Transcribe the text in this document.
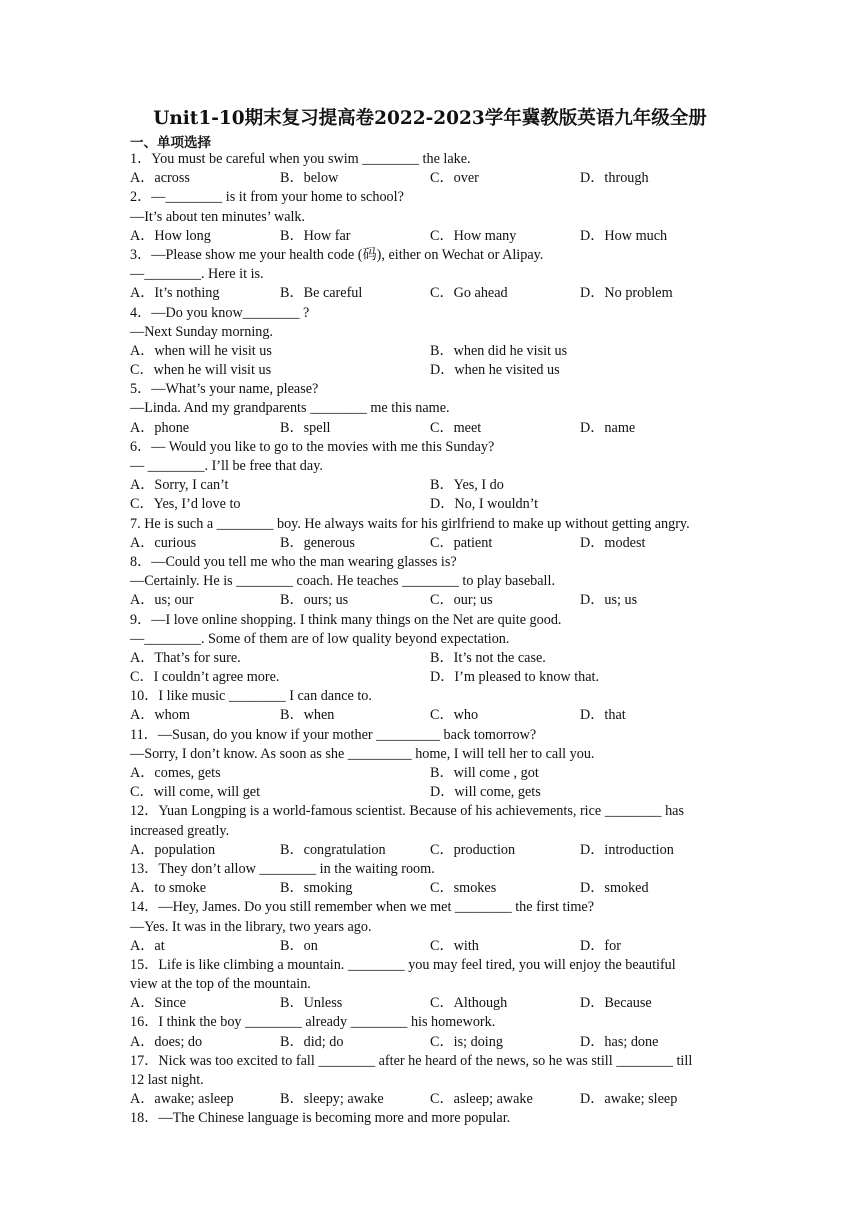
Unit1-10期末复习提高卷2022-2023学年冀教版英语九年级全册
一、单项选择
1．You must be careful when you swim ________ the lake.
A．across	B．below	C．over	D．through
2．—________ is it from your home to school?
—It’s about ten minutes’ walk.
A．How long	B．How far	C．How many	D．How much
3．—Please show me your health code (码), either on Wechat or Alipay.
—________. Here it is.
A．It’s nothing	B．Be careful	C．Go ahead	D．No problem
4．—Do you know________ ?
—Next Sunday morning.
A．when will he visit us	B．when did he visit us
C．when he will visit us	D．when he visited us
5．—What’s your name, please?
—Linda. And my grandparents ________ me this name.
A．phone	B．spell	C．meet	D．name
6．— Would you like to go to the movies with me this Sunday?
— ________. I’ll be free that day.
A．Sorry, I can’t	B．Yes, I do
C．Yes, I’d love to	D．No, I wouldn’t
7. He is such a ________ boy. He always waits for his girlfriend to make up without getting angry.
A．curious	B．generous	C．patient	D．modest
8．—Could you tell me who the man wearing glasses is?
—Certainly. He is ________ coach. He teaches ________ to play baseball.
A．us; our	B．ours; us	C．our; us	D．us; us
9．—I love online shopping. I think many things on the Net are quite good.
—________. Some of them are of low quality beyond expectation.
A．That’s for sure.	B．It’s not the case.
C．I couldn’t agree more.	D．I’m pleased to know that.
10．I like music ________ I can dance to.
A．whom	B．when	C．who	D．that
11．—Susan, do you know if your mother _________ back tomorrow?
—Sorry, I don’t know. As soon as she _________ home, I will tell her to call you.
A．comes, gets	B．will come , got
C．will come, will get	D．will come, gets
12．Yuan Longping is a world-famous scientist. Because of his achievements, rice ________ has
increased greatly.
A．population	B．congratulation	C．production	D．introduction
13．They don’t allow ________ in the waiting room.
A．to smoke	B．smoking	C．smokes	D．smoked
14．—Hey, James. Do you still remember when we met ________ the first time?
—Yes. It was in the library, two years ago.
A．at	B．on	C．with	D．for
15．Life is like climbing a mountain. ________ you may feel tired, you will enjoy the beautiful
view at the top of the mountain.
A．Since	B．Unless	C．Although	D．Because
16．I think the boy ________ already ________ his homework.
A．does; do	B．did; do	C．is; doing	D．has; done
17．Nick was too excited to fall ________ after he heard of the news, so he was still ________ till
12 last night.
A．awake; asleep	B．sleepy; awake	C．asleep; awake	D．awake; sleep
18．—The Chinese language is becoming more and more popular.
